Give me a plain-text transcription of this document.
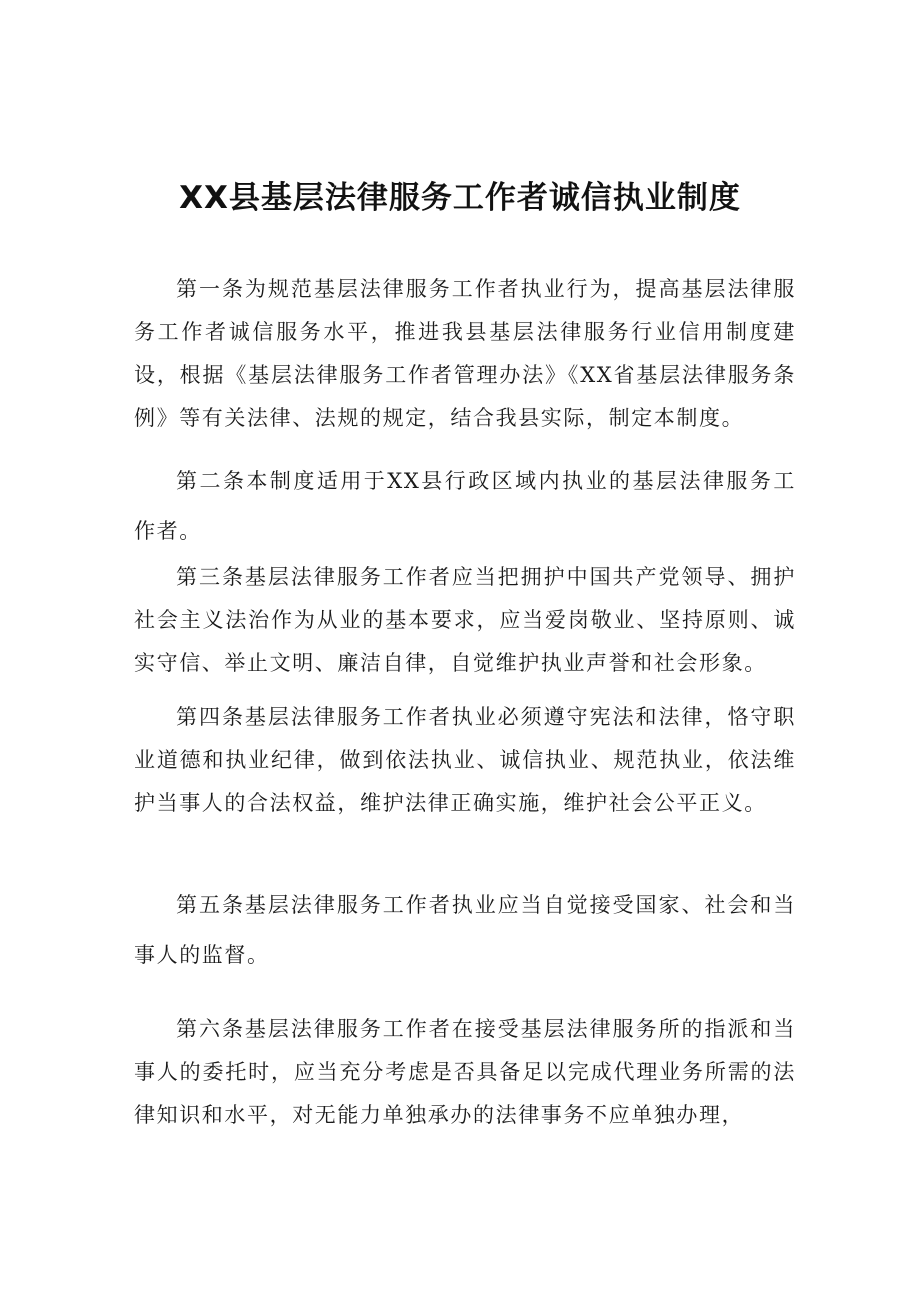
XX县基层法律服务工作者诚信执业制度

第一条为规范基层法律服务工作者执业行为，提高基层法律服务工作者诚信服务水平，推进我县基层法律服务行业信用制度建设，根据《基层法律服务工作者管理办法》《XX省基层法律服务条例》等有关法律、法规的规定，结合我县实际，制定本制度。

第二条本制度适用于XX县行政区域内执业的基层法律服务工作者。

第三条基层法律服务工作者应当把拥护中国共产党领导、拥护社会主义法治作为从业的基本要求，应当爱岗敬业、坚持原则、诚实守信、举止文明、廉洁自律，自觉维护执业声誉和社会形象。

第四条基层法律服务工作者执业必须遵守宪法和法律，恪守职业道德和执业纪律，做到依法执业、诚信执业、规范执业，依法维护当事人的合法权益，维护法律正确实施，维护社会公平正义。

第五条基层法律服务工作者执业应当自觉接受国家、社会和当事人的监督。

第六条基层法律服务工作者在接受基层法律服务所的指派和当事人的委托时，应当充分考虑是否具备足以完成代理业务所需的法律知识和水平，对无能力单独承办的法律事务不应单独办理，
